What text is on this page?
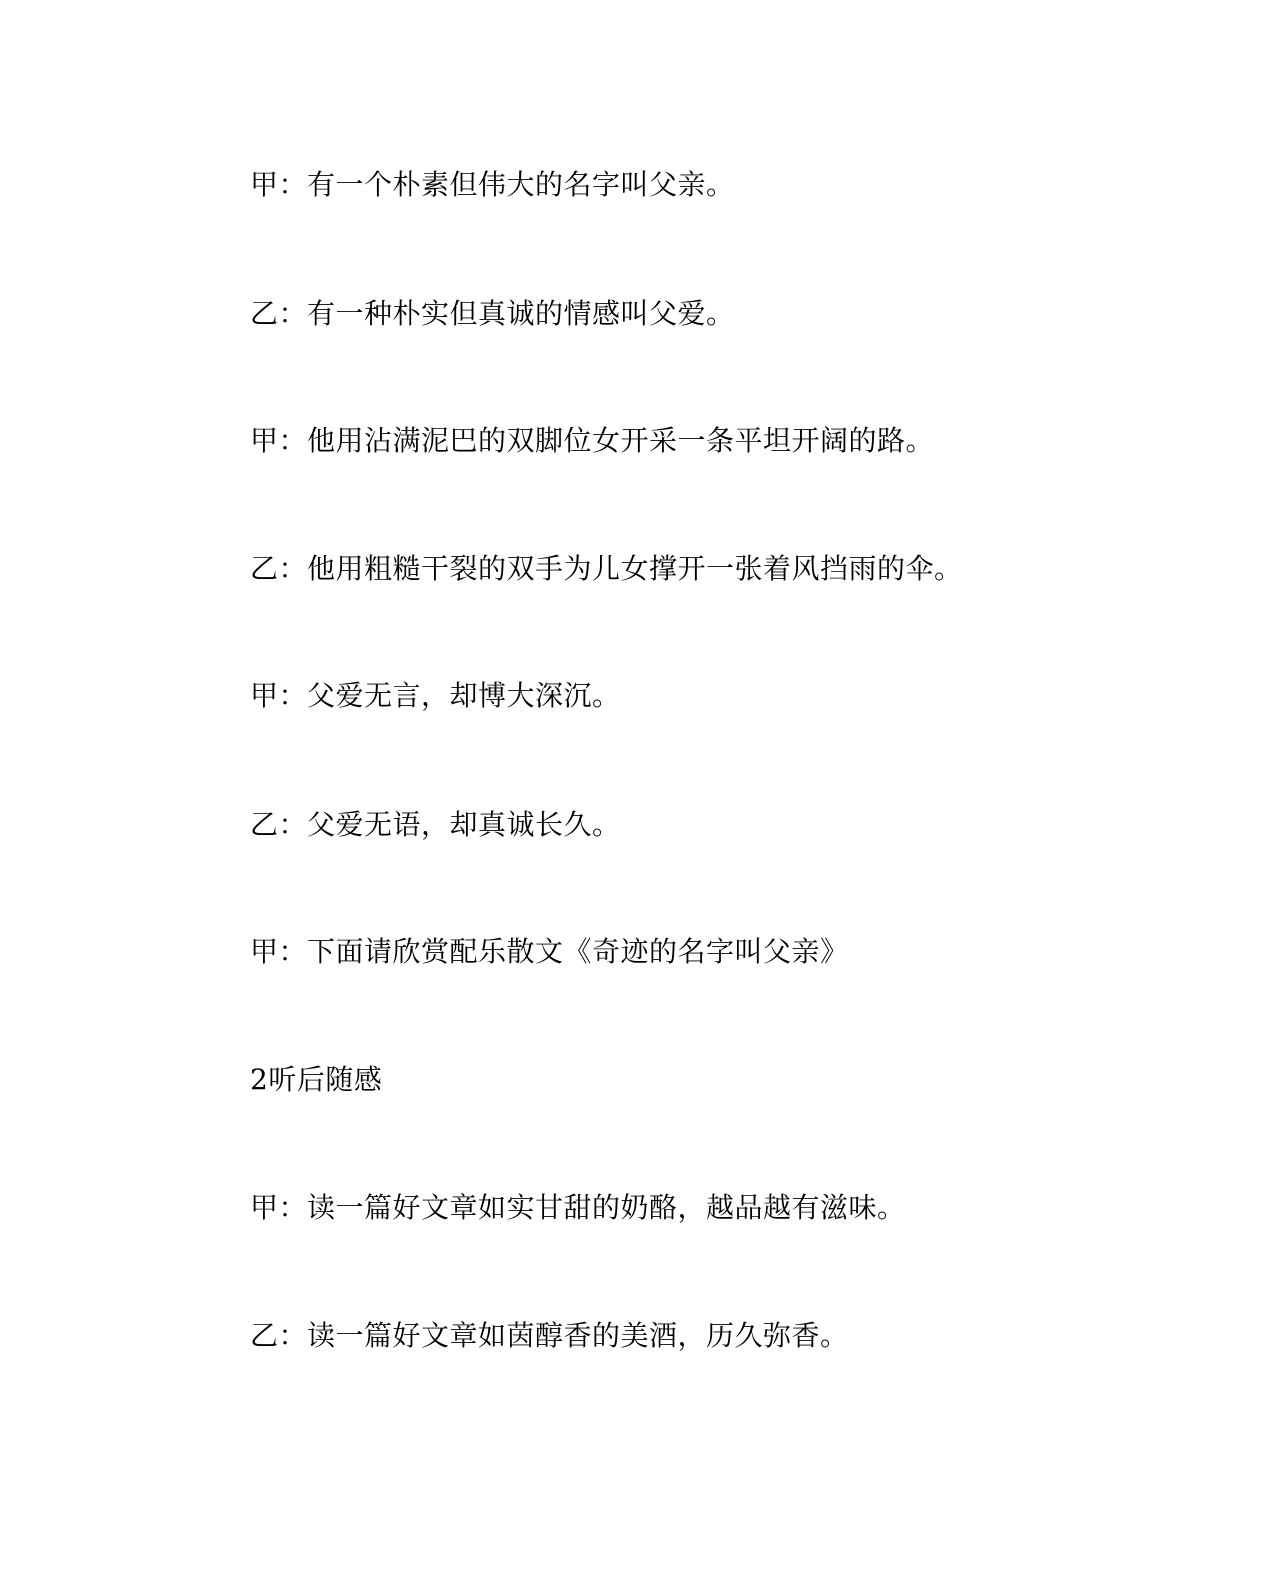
甲：有一个朴素但伟大的名字叫父亲。
乙：有一种朴实但真诚的情感叫父爱。
甲：他用沾满泥巴的双脚位女开采一条平坦开阔的路。
乙：他用粗糙干裂的双手为儿女撑开一张着风挡雨的伞。
甲：父爱无言，却博大深沉。
乙：父爱无语，却真诚长久。
甲：下面请欣赏配乐散文《奇迹的名字叫父亲》
2听后随感
甲：读一篇好文章如实甘甜的奶酪，越品越有滋味。
乙：读一篇好文章如茵醇香的美酒，历久弥香。
